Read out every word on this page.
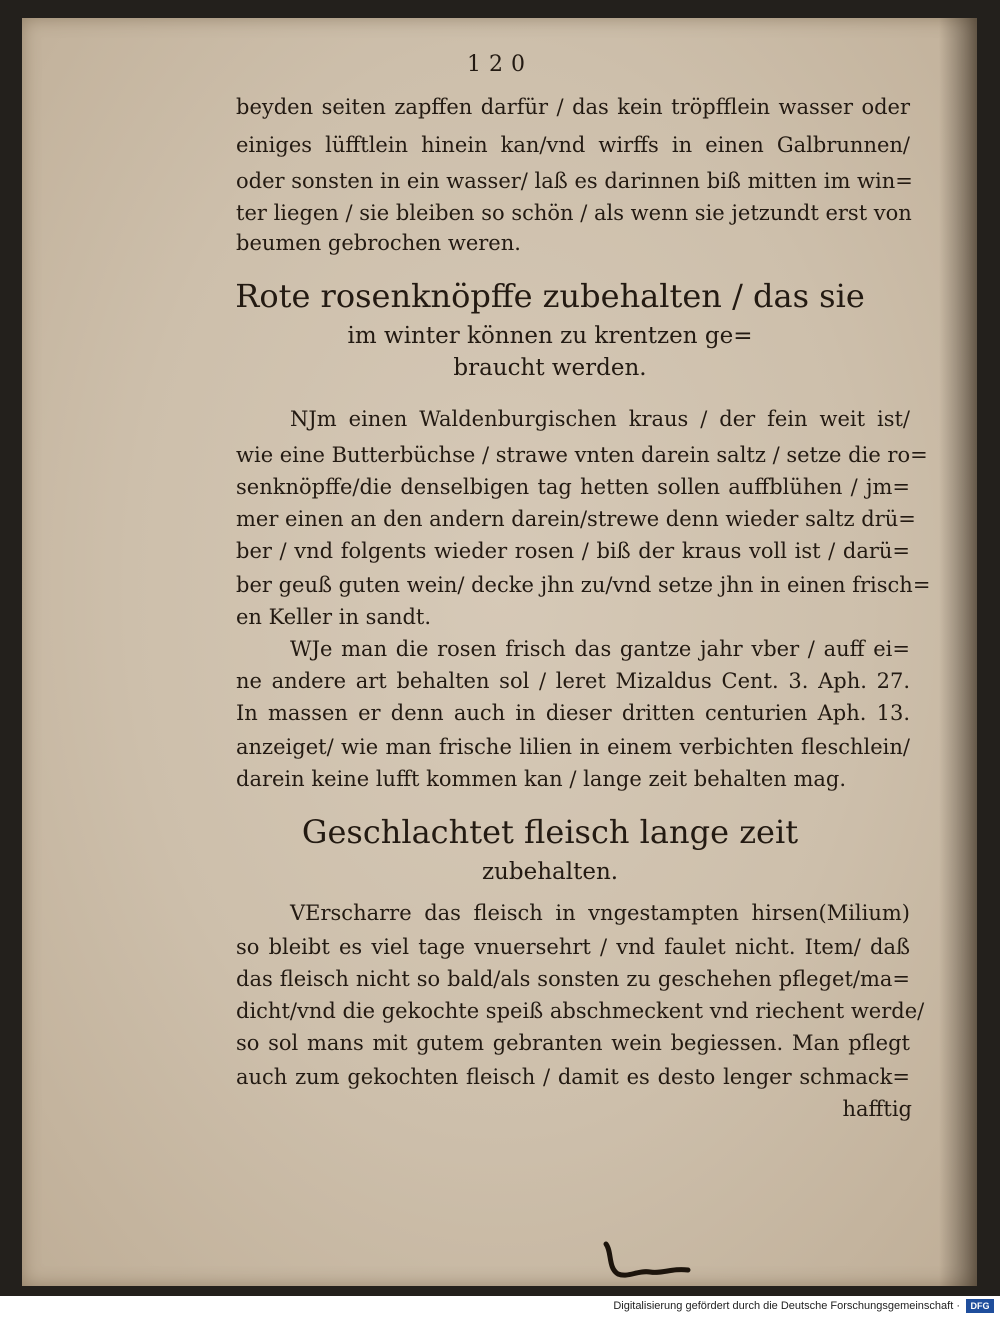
120
beyden seiten zapffen darfür / das kein tröpfflein wasser oder
einiges lüfftlein hinein kan/vnd wirffs in einen Galbrunnen/
oder sonsten in ein wasser/ laß es darinnen biß mitten im win=
ter liegen / sie bleiben so schön / als wenn sie jetzundt erst von
beumen gebrochen weren.
Rote rosenknöpffe zubehalten / das sie
im winter können zu krentzen ge=
braucht werden.
NJm einen Waldenburgischen kraus / der fein weit ist/
wie eine Butterbüchse / strawe vnten darein saltz / setze die ro=
senknöpffe/die denselbigen tag hetten sollen auffblühen / jm=
mer einen an den andern darein/strewe denn wieder saltz drü=
ber / vnd folgents wieder rosen / biß der kraus voll ist / darü=
ber geuß guten wein/ decke jhn zu/vnd setze jhn in einen frisch=
en Keller in sandt.
WJe man die rosen frisch das gantze jahr vber / auff ei=
ne andere art behalten sol / leret Mizaldus Cent. 3. Aph. 27.
In massen er denn auch in dieser dritten centurien Aph. 13.
anzeiget/ wie man frische lilien in einem verbichten fleschlein/
darein keine lufft kommen kan / lange zeit behalten mag.
Geschlachtet fleisch lange zeit
zubehalten.
VErscharre das fleisch in vngestampten hirsen(Milium)
so bleibt es viel tage vnuersehrt / vnd faulet nicht. Item/ daß
das fleisch nicht so bald/als sonsten zu geschehen pfleget/ma=
dicht/vnd die gekochte speiß abschmeckent vnd riechent werde/
so sol mans mit gutem gebranten wein begiessen. Man pflegt
auch zum gekochten fleisch / damit es desto lenger schmack=
hafftig
Digitalisierung gefördert durch die Deutsche Forschungsgemeinschaft ·	DFG
